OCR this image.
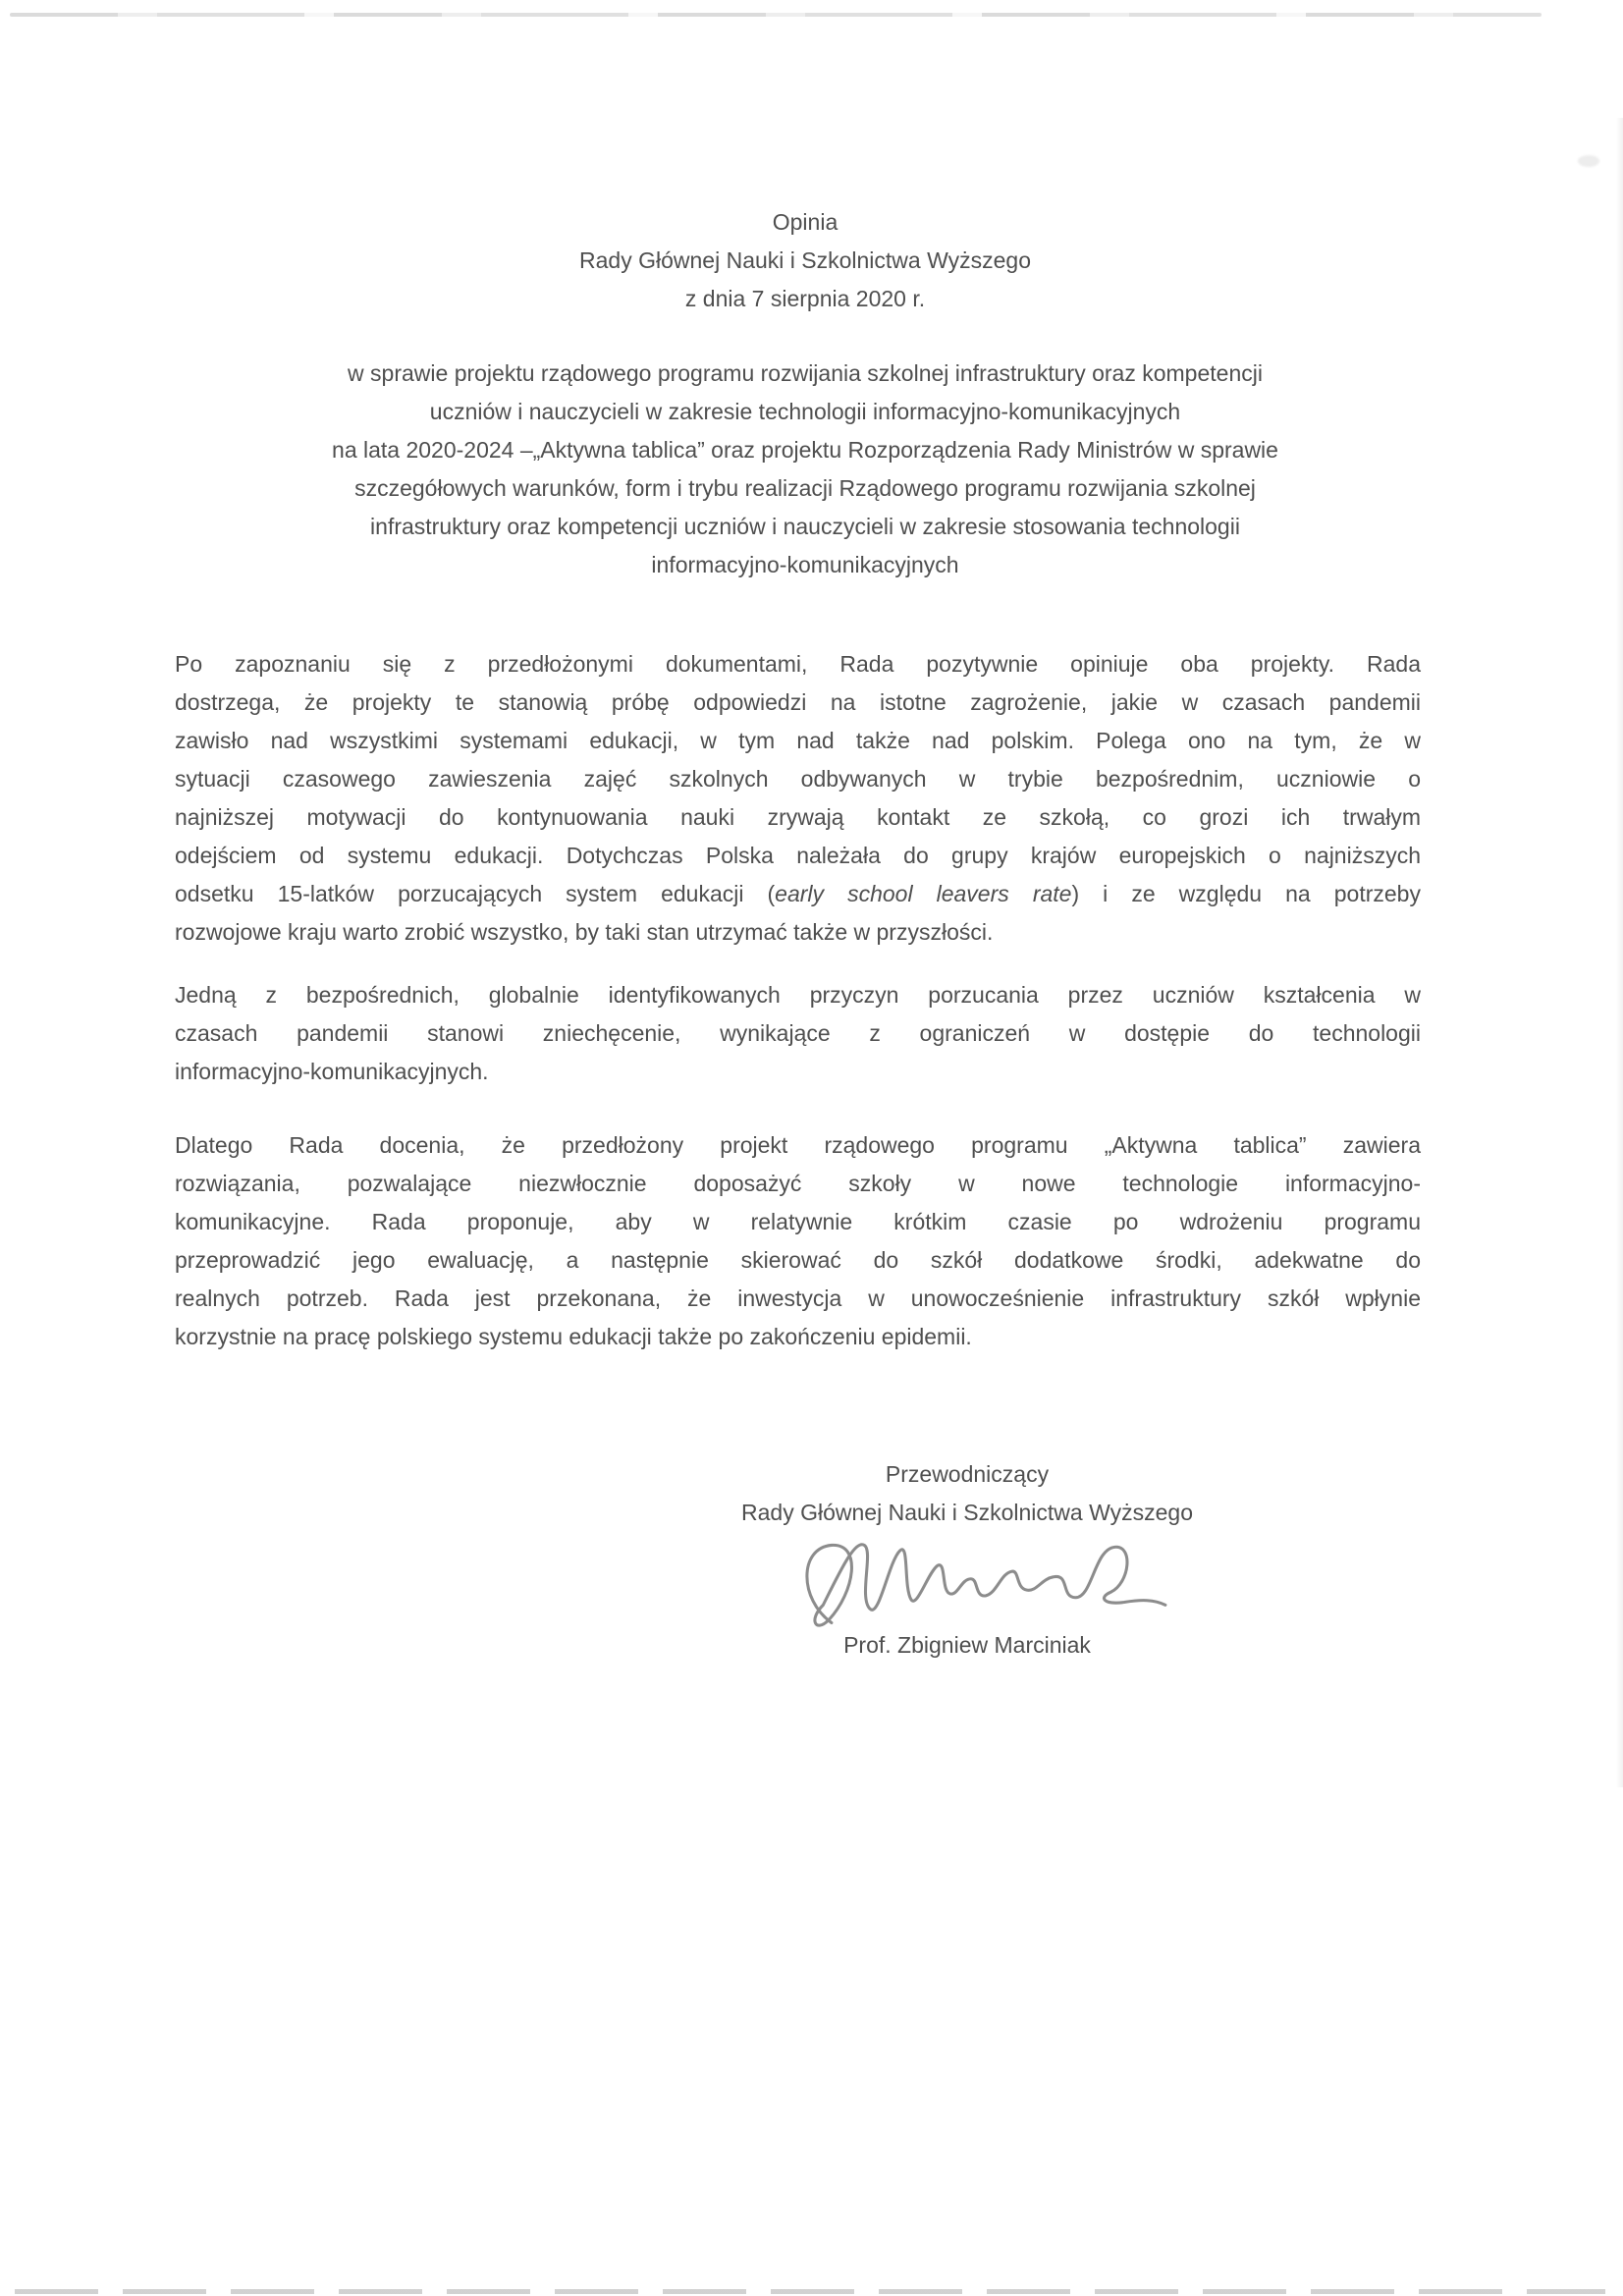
Opinia
Rady Głównej Nauki i Szkolnictwa Wyższego
z dnia 7 sierpnia 2020 r.
w sprawie projektu rządowego programu rozwijania szkolnej infrastruktury oraz kompetencji
uczniów i nauczycieli w zakresie technologii informacyjno-komunikacyjnych
na lata 2020-2024 –„Aktywna tablica” oraz projektu Rozporządzenia Rady Ministrów w sprawie
szczegółowych warunków, form i trybu realizacji Rządowego programu rozwijania szkolnej
infrastruktury oraz kompetencji uczniów i nauczycieli w zakresie stosowania technologii
informacyjno-komunikacyjnych
Po zapoznaniu się z przedłożonymi dokumentami, Rada pozytywnie opiniuje oba projekty. Rada
dostrzega, że projekty te stanowią próbę odpowiedzi na istotne zagrożenie, jakie w czasach pandemii
zawisło nad wszystkimi systemami edukacji, w tym nad także nad polskim. Polega ono na tym, że w
sytuacji czasowego zawieszenia zajęć szkolnych odbywanych w trybie bezpośrednim, uczniowie o
najniższej motywacji do kontynuowania nauki zrywają kontakt ze szkołą, co grozi ich trwałym
odejściem od systemu edukacji. Dotychczas Polska należała do grupy krajów europejskich o najniższych
odsetku 15-latków porzucających system edukacji (early school leavers rate) i ze względu na potrzeby
rozwojowe kraju warto zrobić wszystko, by taki stan utrzymać także w przyszłości.
Jedną z bezpośrednich, globalnie identyfikowanych przyczyn porzucania przez uczniów kształcenia w
czasach pandemii stanowi zniechęcenie, wynikające z ograniczeń w dostępie do technologii
informacyjno-komunikacyjnych.
Dlatego Rada docenia, że przedłożony projekt rządowego programu „Aktywna tablica” zawiera
rozwiązania, pozwalające niezwłocznie doposażyć szkoły w nowe technologie informacyjno-
komunikacyjne. Rada proponuje, aby w relatywnie krótkim czasie po wdrożeniu programu
przeprowadzić jego ewaluację, a następnie skierować do szkół dodatkowe środki, adekwatne do
realnych potrzeb. Rada jest przekonana, że inwestycja w unowocześnienie infrastruktury szkół wpłynie
korzystnie na pracę polskiego systemu edukacji także po zakończeniu epidemii.
Przewodniczący
Rady Głównej Nauki i Szkolnictwa Wyższego
Prof. Zbigniew Marciniak
